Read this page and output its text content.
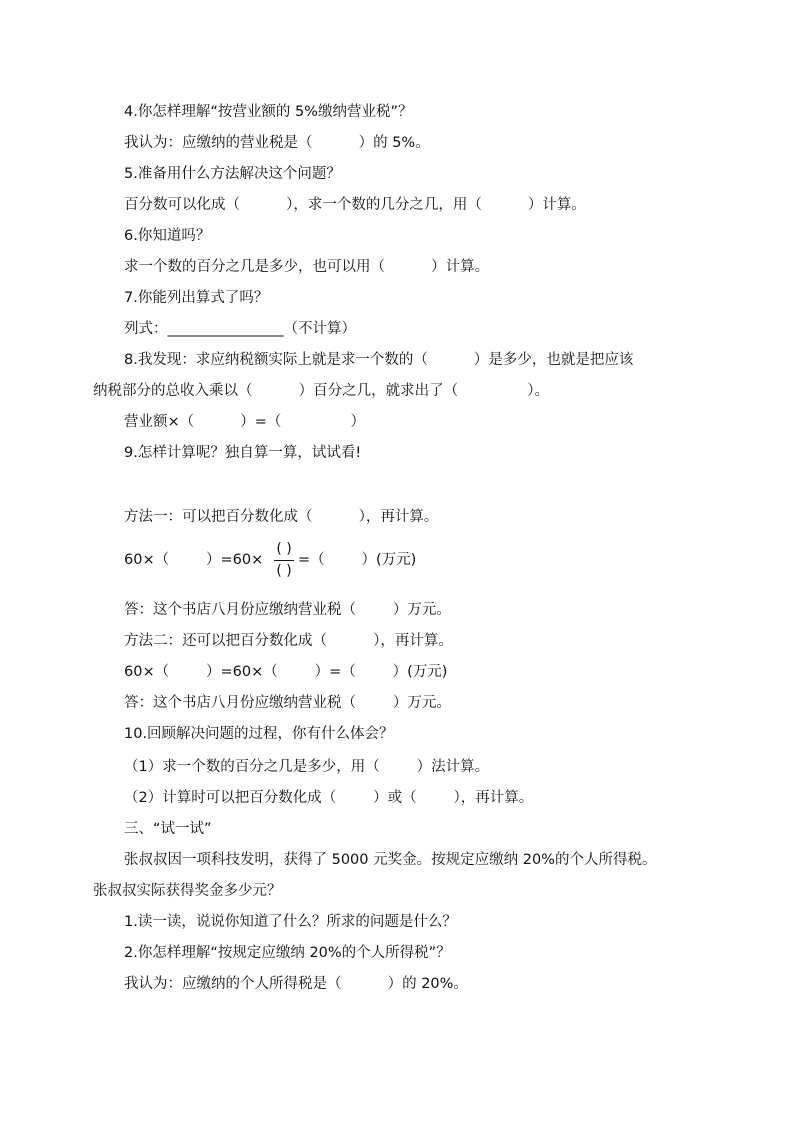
4.你怎样理解“按营业额的 5%缴纳营业税”？
我认为：应缴纳的营业税是（          ）的 5%。
5.准备用什么方法解决这个问题？
百分数可以化成（          ），求一个数的几分之几，用（          ）计算。
6.你知道吗？
求一个数的百分之几是多少，也可以用（          ）计算。
7.你能列出算式了吗？
列式：________________（不计算）
8.我发现：求应纳税额实际上就是求一个数的（          ）是多少，也就是把应该
纳税部分的总收入乘以（          ）百分之几，就求出了（               ）。
营业额×（          ）=（               ）
9.怎样计算呢？独自算一算，试试看!
方法一：可以把百分数化成（          ），再计算。
60×（        ）=60×
( )
( )
=（        ）(万元)
答：这个书店八月份应缴纳营业税（        ）万元。
方法二：还可以把百分数化成（          ），再计算。
60×（        ）=60×（        ）=（        ）(万元)
答：这个书店八月份应缴纳营业税（        ）万元。
10.回顾解决问题的过程，你有什么体会？
（1）求一个数的百分之几是多少，用（        ）法计算。
（2）计算时可以把百分数化成（        ）或（        ），再计算。
三、“试一试”
张叔叔因一项科技发明，获得了 5000 元奖金。按规定应缴纳 20%的个人所得税。
张叔叔实际获得奖金多少元？
1.读一读，说说你知道了什么？所求的问题是什么？
2.你怎样理解“按规定应缴纳 20%的个人所得税”？
我认为：应缴纳的个人所得税是（          ）的 20%。
